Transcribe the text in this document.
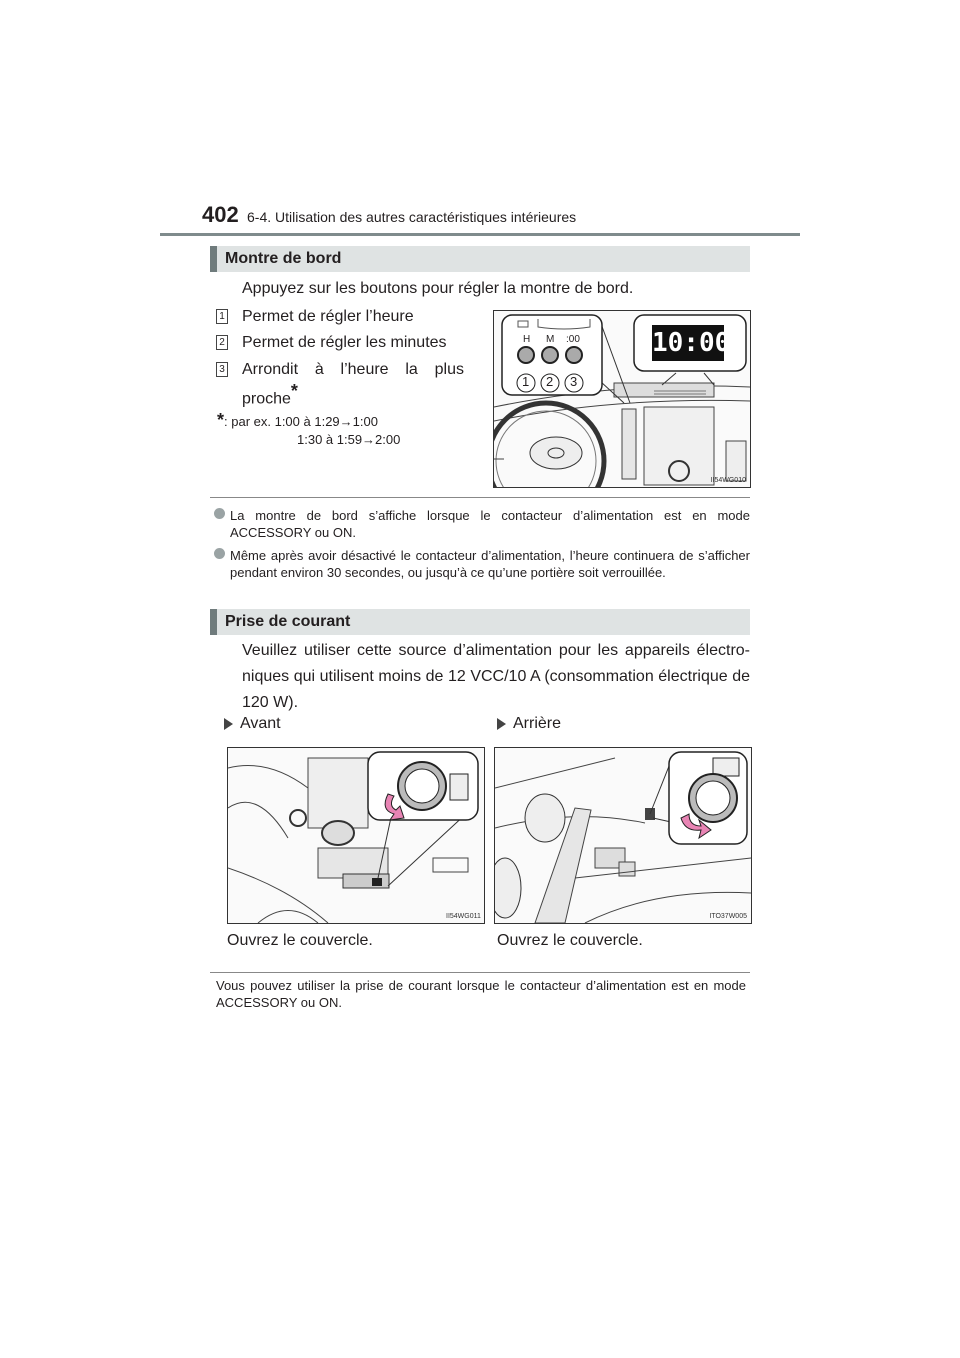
402 6-4. Utilisation des autres caractéristiques intérieures
Montre de bord
Appuyez sur les boutons pour régler la montre de bord.
1 Permet de régler l’heure
2 Permet de régler les minutes
3 Arrondit à l’heure la plus
proche*
*: par ex. 1:00 à 1:29→1:00
1:30 à 1:59→2:00
H M :00
1 2 3
10:00
II54WG010
La montre de bord s’affiche lorsque le contacteur d’alimentation est en mode ACCESSORY ou ON.
Même après avoir désactivé le contacteur d’alimentation, l’heure continuera de s’afficher pendant environ 30 secondes, ou jusqu’à ce qu’une portière soit verrouillée.
Prise de courant
Veuillez utiliser cette source d’alimentation pour les appareils électro-niques qui utilisent moins de 12 VCC/10 A (consommation électrique de 120 W).
Avant	Arrière
II54WG011	ITO37W005
Ouvrez le couvercle.	Ouvrez le couvercle.
Vous pouvez utiliser la prise de courant lorsque le contacteur d’alimentation est en mode ACCESSORY ou ON.
